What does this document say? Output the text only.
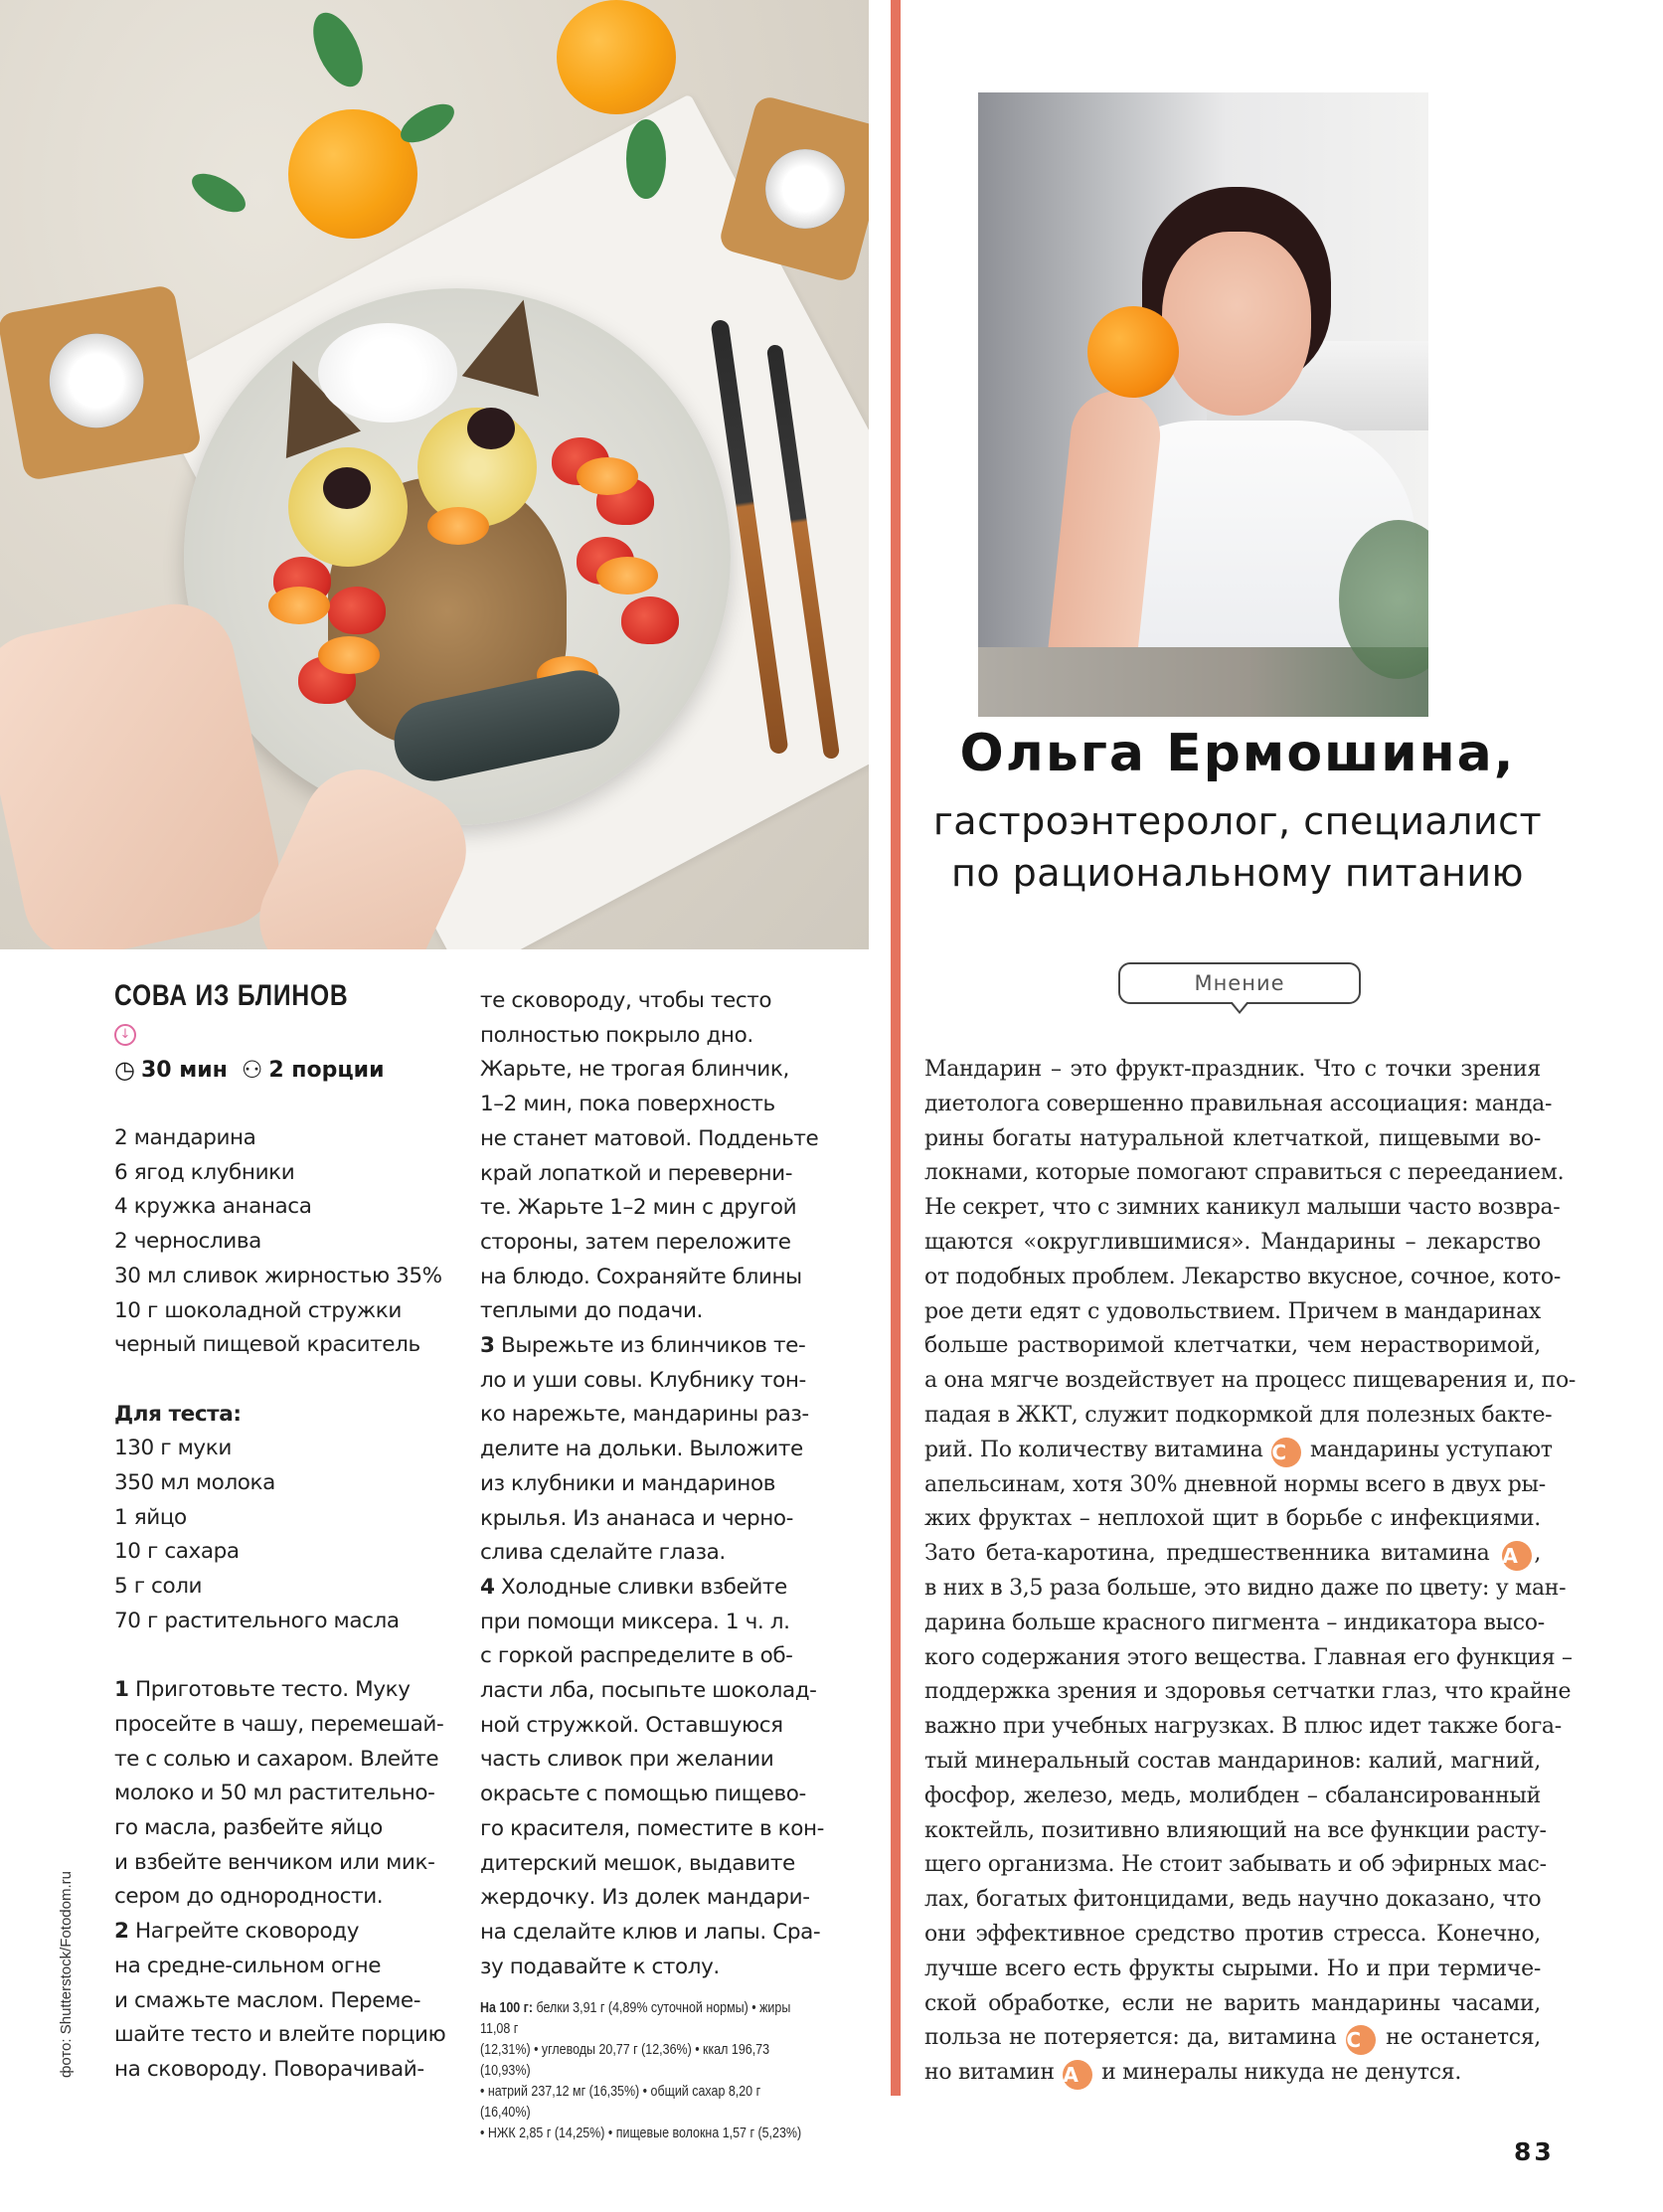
Ольга Ермошина,
гастроэнтеролог, специалист
по рациональному питанию
Мнение
СОВА ИЗ БЛИНОВ
↓
◷ 30 мин ⚇ 2 порции
2 мандарина
6 ягод клубники
4 кружка ананаса
2 чернослива
30 мл сливок жирностью 35%
10 г шоколадной стружки
черный пищевой краситель
Для теста:
130 г муки
350 мл молока
1 яйцо
10 г сахара
5 г соли
70 г растительного масла
1 Приготовьте тесто. Муку
просейте в чашу, перемешай-
те с солью и сахаром. Влейте
молоко и 50 мл растительно-
го масла, разбейте яйцо
и взбейте венчиком или мик-
сером до однородности.
2 Нагрейте сковороду
на средне-сильном огне
и смажьте маслом. Переме-
шайте тесто и влейте порцию
на сковороду. Поворачивай-
те сковороду, чтобы тесто
полностью покрыло дно.
Жарьте, не трогая блинчик,
1–2 мин, пока поверхность
не станет матовой. Подденьте
край лопаткой и переверни-
те. Жарьте 1–2 мин с другой
стороны, затем переложите
на блюдо. Сохраняйте блины
теплыми до подачи.
3 Вырежьте из блинчиков те-
ло и уши совы. Клубнику тон-
ко нарежьте, мандарины раз-
делите на дольки. Выложите
из клубники и мандаринов
крылья. Из ананаса и черно-
слива сделайте глаза.
4 Холодные сливки взбейте
при помощи миксера. 1 ч. л.
с горкой распределите в об-
ласти лба, посыпьте шоколад-
ной стружкой. Оставшуюся
часть сливок при желании
окрасьте с помощью пищево-
го красителя, поместите в кон-
дитерский мешок, выдавите
жердочку. Из долек мандари-
на сделайте клюв и лапы. Сра-
зу подавайте к столу.
На 100 г: белки 3,91 г (4,89% суточной нормы) • жиры 11,08 г
(12,31%) • углеводы 20,77 г (12,36%) • ккал 196,73 (10,93%)
• натрий 237,12 мг (16,35%) • общий сахар 8,20 г (16,40%)
• НЖК 2,85 г (14,25%) • пищевые волокна 1,57 г (5,23%)
фото: Shutterstock/Fotodom.ru
Мандарин – это фрукт-праздник. Что с точки зрения
диетолога совершенно правильная ассоциация: манда-
рины богаты натуральной клетчаткой, пищевыми во-
локнами, которые помогают справиться с перееданием.
Не секрет, что с зимних каникул малыши часто возвра-
щаются «округлившимися». Мандарины – лекарство
от подобных проблем. Лекарство вкусное, сочное, кото-
рое дети едят с удовольствием. Причем в мандаринах
больше растворимой клетчатки, чем нерастворимой,
а она мягче воздействует на процесс пищеварения и, по-
падая в ЖКТ, служит подкормкой для полезных бакте-
рий. По количеству витамина C мандарины уступают
апельсинам, хотя 30% дневной нормы всего в двух ры-
жих фруктах – неплохой щит в борьбе с инфекциями.
Зато бета-каротина, предшественника витамина A ,
в них в 3,5 раза больше, это видно даже по цвету: у ман-
дарина больше красного пигмента – индикатора высо-
кого содержания этого вещества. Главная его функция –
поддержка зрения и здоровья сетчатки глаз, что крайне
важно при учебных нагрузках. В плюс идет также бога-
тый минеральный состав мандаринов: калий, магний,
фосфор, железо, медь, молибден – сбалансированный
коктейль, позитивно влияющий на все функции расту-
щего организма. Не стоит забывать и об эфирных мас-
лах, богатых фитонцидами, ведь научно доказано, что
они эффективное средство против стресса. Конечно,
лучше всего есть фрукты сырыми. Но и при термиче-
ской обработке, если не варить мандарины часами,
польза не потеряется: да, витамина C не останется,
но витамин A и минералы никуда не денутся.
83
